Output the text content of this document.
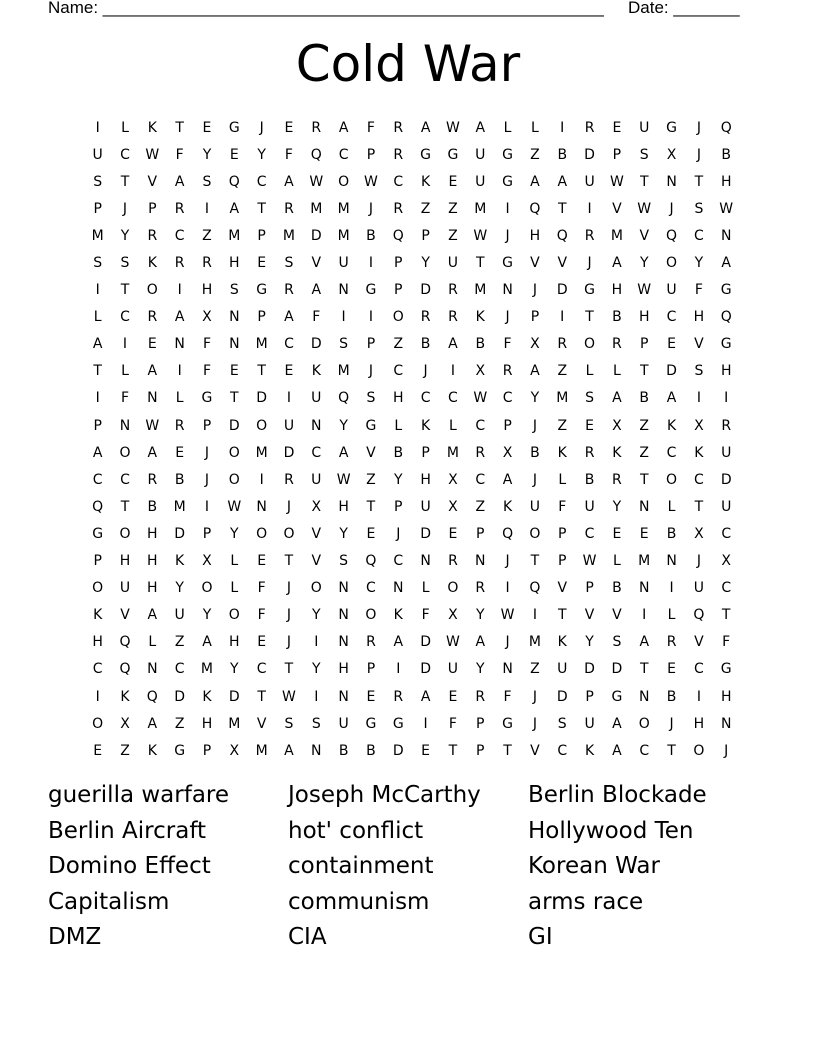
Name: _____________________________________________________ Date: _______
Cold War
I	L	K	T	E	G	J	E	R	A	F	R	A	W	A	L	L	I	R	E	U	G	J	Q
U	C	W	F	Y	E	Y	F	Q	C	P	R	G	G	U	G	Z	B	D	P	S	X	J	B
S	T	V	A	S	Q	C	A	W	O	W	C	K	E	U	G	A	A	U	W	T	N	T	H
P	J	P	R	I	A	T	R	M	M	J	R	Z	Z	M	I	Q	T	I	V	W	J	S	W
M	Y	R	C	Z	M	P	M	D	M	B	Q	P	Z	W	J	H	Q	R	M	V	Q	C	N
S	S	K	R	R	H	E	S	V	U	I	P	Y	U	T	G	V	V	J	A	Y	O	Y	A
I	T	O	I	H	S	G	R	A	N	G	P	D	R	M	N	J	D	G	H	W	U	F	G
L	C	R	A	X	N	P	A	F	I	I	O	R	R	K	J	P	I	T	B	H	C	H	Q
A	I	E	N	F	N	M	C	D	S	P	Z	B	A	B	F	X	R	O	R	P	E	V	G
T	L	A	I	F	E	T	E	K	M	J	C	J	I	X	R	A	Z	L	L	T	D	S	H
I	F	N	L	G	T	D	I	U	Q	S	H	C	C	W	C	Y	M	S	A	B	A	I	I
P	N	W	R	P	D	O	U	N	Y	G	L	K	L	C	P	J	Z	E	X	Z	K	X	R
A	O	A	E	J	O	M	D	C	A	V	B	P	M	R	X	B	K	R	K	Z	C	K	U
C	C	R	B	J	O	I	R	U	W	Z	Y	H	X	C	A	J	L	B	R	T	O	C	D
Q	T	B	M	I	W	N	J	X	H	T	P	U	X	Z	K	U	F	U	Y	N	L	T	U
G	O	H	D	P	Y	O	O	V	Y	E	J	D	E	P	Q	O	P	C	E	E	B	X	C
P	H	H	K	X	L	E	T	V	S	Q	C	N	R	N	J	T	P	W	L	M	N	J	X
O	U	H	Y	O	L	F	J	O	N	C	N	L	O	R	I	Q	V	P	B	N	I	U	C
K	V	A	U	Y	O	F	J	Y	N	O	K	F	X	Y	W	I	T	V	V	I	L	Q	T
H	Q	L	Z	A	H	E	J	I	N	R	A	D	W	A	J	M	K	Y	S	A	R	V	F
C	Q	N	C	M	Y	C	T	Y	H	P	I	D	U	Y	N	Z	U	D	D	T	E	C	G
I	K	Q	D	K	D	T	W	I	N	E	R	A	E	R	F	J	D	P	G	N	B	I	H
O	X	A	Z	H	M	V	S	S	U	G	G	I	F	P	G	J	S	U	A	O	J	H	N
E	Z	K	G	P	X	M	A	N	B	B	D	E	T	P	T	V	C	K	A	C	T	O	J
guerilla warfare	Joseph McCarthy	Berlin Blockade
Berlin Aircraft	hot' conflict	Hollywood Ten
Domino Effect	containment	Korean War
Capitalism	communism	arms race
DMZ	CIA	GI
